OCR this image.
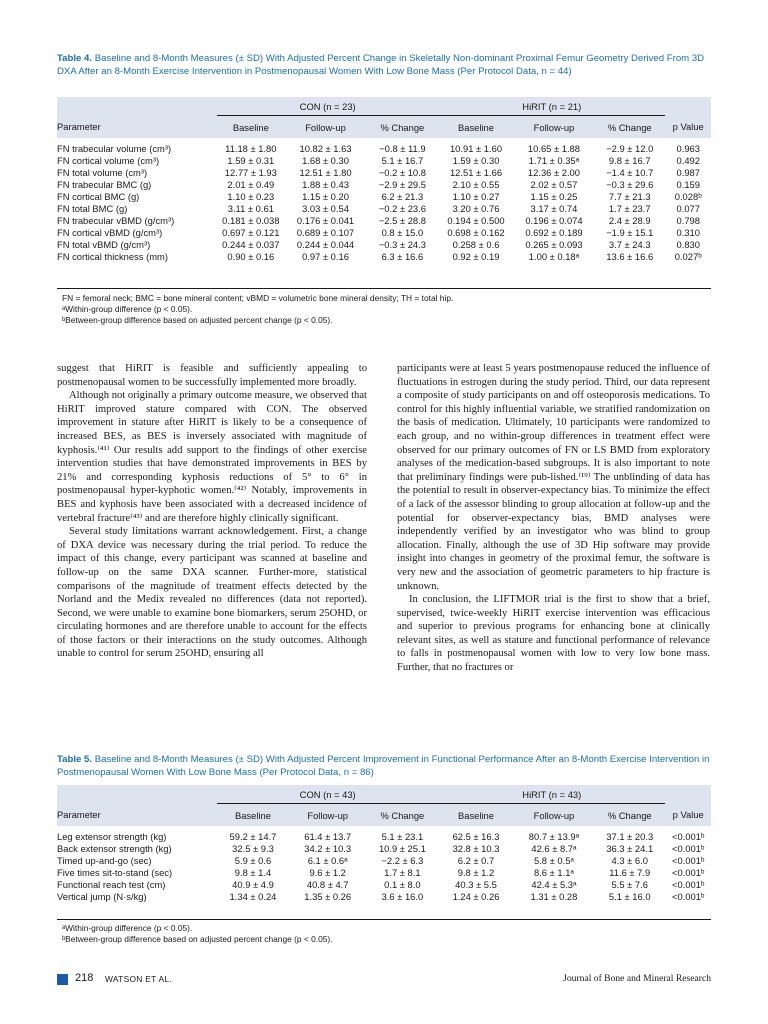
Table 4. Baseline and 8-Month Measures (± SD) With Adjusted Percent Change in Skeletally Non-dominant Proximal Femur Geometry Derived From 3D DXA After an 8-Month Exercise Intervention in Postmenopausal Women With Low Bone Mass (Per Protocol Data, n = 44)
	CON (n = 23)			HiRIT (n = 21)			
Parameter	Baseline	Follow-up	% Change	Baseline	Follow-up	% Change	p Value
FN trabecular volume (cm³)	11.18 ± 1.80	10.82 ± 1.63	−0.8 ± 11.9	10.91 ± 1.60	10.65 ± 1.88	−2.9 ± 12.0	0.963
FN cortical volume (cm³)	1.59 ± 0.31	1.68 ± 0.30	5.1 ± 16.7	1.59 ± 0.30	1.71 ± 0.35ᵃ	9.8 ± 16.7	0.492
FN total volume (cm³)	12.77 ± 1.93	12.51 ± 1.80	−0.2 ± 10.8	12.51 ± 1.66	12.36 ± 2.00	−1.4 ± 10.7	0.987
FN trabecular BMC (g)	2.01 ± 0.49	1.88 ± 0.43	−2.9 ± 29.5	2.10 ± 0.55	2.02 ± 0.57	−0.3 ± 29.6	0.159
FN cortical BMC (g)	1.10 ± 0.23	1.15 ± 0.20	6.2 ± 21.3	1.10 ± 0.27	1.15 ± 0.25	7.7 ± 21.3	0.028ᵇ
FN total BMC (g)	3.11 ± 0.61	3.03 ± 0.54	−0.2 ± 23.6	3.20 ± 0.76	3.17 ± 0.74	1.7 ± 23.7	0.077
FN trabecular vBMD (g/cm³)	0.181 ± 0.038	0.176 ± 0.041	−2.5 ± 28.8	0.194 ± 0.500	0.196 ± 0.074	2.4 ± 28.9	0.798
FN cortical vBMD (g/cm³)	0.697 ± 0.121	0.689 ± 0.107	0.8 ± 15.0	0.698 ± 0.162	0.692 ± 0.189	−1.9 ± 15.1	0.310
FN total vBMD (g/cm³)	0.244 ± 0.037	0.244 ± 0.044	−0.3 ± 24.3	0.258 ± 0.6	0.265 ± 0.093	3.7 ± 24.3	0.830
FN cortical thickness (mm)	0.90 ± 0.16	0.97 ± 0.16	6.3 ± 16.6	0.92 ± 0.19	1.00 ± 0.18ᵃ	13.6 ± 16.6	0.027ᵇ
FN = femoral neck; BMC = bone mineral content; vBMD = volumetric bone mineral density; TH = total hip.
ᵃWithin-group difference (p < 0.05).
ᵇBetween-group difference based on adjusted percent change (p < 0.05).

suggest that HiRIT is feasible and sufficiently appealing to postmenopausal women to be successfully implemented more broadly.

Although not originally a primary outcome measure, we observed that HiRIT improved stature compared with CON. The observed improvement in stature after HiRIT is likely to be a consequence of increased BES, as BES is inversely associated with magnitude of kyphosis.⁽⁴¹⁾ Our results add support to the findings of other exercise intervention studies that have demonstrated improvements in BES by 21% and corresponding kyphosis reductions of 5° to 6° in postmenopausal hyper-kyphotic women.⁽⁴²⁾ Notably, improvements in BES and kyphosis have been associated with a decreased incidence of vertebral fracture⁽⁴³⁾ and are therefore highly clinically significant.

Several study limitations warrant acknowledgement. First, a change of DXA device was necessary during the trial period. To reduce the impact of this change, every participant was scanned at baseline and follow-up on the same DXA scanner. Further-more, statistical comparisons of the magnitude of treatment effects detected by the Norland and the Medix revealed no differences (data not reported). Second, we were unable to examine bone biomarkers, serum 25OHD, or circulating hormones and are therefore unable to account for the effects of those factors or their interactions on the study outcomes. Although unable to control for serum 25OHD, ensuring all

participants were at least 5 years postmenopause reduced the influence of fluctuations in estrogen during the study period. Third, our data represent a composite of study participants on and off osteoporosis medications. To control for this highly influential variable, we stratified randomization on the basis of medication. Ultimately, 10 participants were randomized to each group, and no within-group differences in treatment effect were observed for our primary outcomes of FN or LS BMD from exploratory analyses of the medication-based subgroups. It is also important to note that preliminary findings were pub-lished.⁽¹⁹⁾ The unblinding of data has the potential to result in observer-expectancy bias. To minimize the effect of a lack of the assessor blinding to group allocation at follow-up and the potential for observer-expectancy bias, BMD analyses were independently verified by an investigator who was blind to group allocation. Finally, although the use of 3D Hip software may provide insight into changes in geometry of the proximal femur, the software is very new and the association of geometric parameters to hip fracture is unknown.

In conclusion, the LIFTMOR trial is the first to show that a brief, supervised, twice-weekly HiRIT exercise intervention was efficacious and superior to previous programs for enhancing bone at clinically relevant sites, as well as stature and functional performance of relevance to falls in postmenopausal women with low to very low bone mass. Further, that no fractures or

Table 5. Baseline and 8-Month Measures (± SD) With Adjusted Percent Improvement in Functional Performance After an 8-Month Exercise Intervention in Postmenopausal Women With Low Bone Mass (Per Protocol Data, n = 86)
	CON (n = 43)			HiRIT (n = 43)			
Parameter	Baseline	Follow-up	% Change	Baseline	Follow-up	% Change	p Value
Leg extensor strength (kg)	59.2 ± 14.7	61.4 ± 13.7	5.1 ± 23.1	62.5 ± 16.3	80.7 ± 13.9ᵃ	37.1 ± 20.3	<0.001ᵇ
Back extensor strength (kg)	32.5 ± 9.3	34.2 ± 10.3	10.9 ± 25.1	32.8 ± 10.3	42.6 ± 8.7ᵃ	36.3 ± 24.1	<0.001ᵇ
Timed up-and-go (sec)	5.9 ± 0.6	6.1 ± 0.6ᵃ	−2.2 ± 6.3	6.2 ± 0.7	5.8 ± 0.5ᵃ	4.3 ± 6.0	<0.001ᵇ
Five times sit-to-stand (sec)	9.8 ± 1.4	9.6 ± 1.2	1.7 ± 8.1	9.8 ± 1.2	8.6 ± 1.1ᵃ	11.6 ± 7.9	<0.001ᵇ
Functional reach test (cm)	40.9 ± 4.9	40.8 ± 4.7	0.1 ± 8.0	40.3 ± 5.5	42.4 ± 5.3ᵃ	5.5 ± 7.6	<0.001ᵇ
Vertical jump (N·s/kg)	1.34 ± 0.24	1.35 ± 0.26	3.6 ± 16.0	1.24 ± 0.26	1.31 ± 0.28	5.1 ± 16.0	<0.001ᵇ
ᵃWithin-group difference (p < 0.05).
ᵇBetween-group difference based on adjusted percent change (p < 0.05).
218 WATSON ET AL.	Journal of Bone and Mineral Research
